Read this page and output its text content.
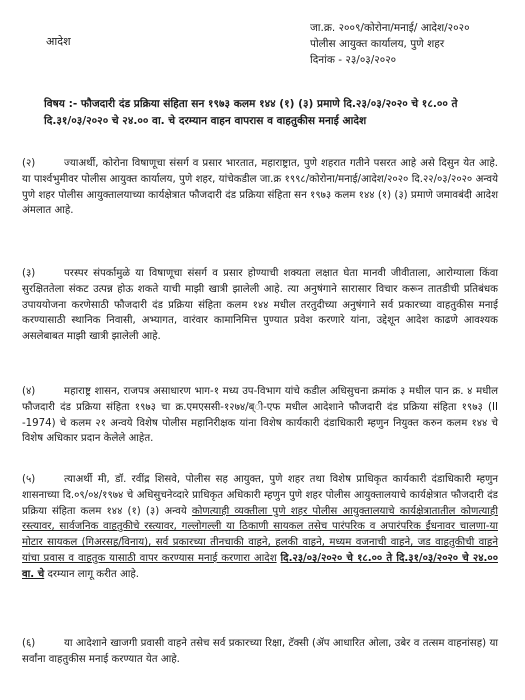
आदेश
जा.क्र. २००९/कोरोना/मनाई/ आदेश/२०२०
पोलीस आयुक्त कार्यालय, पुणे शहर
दिनांक - २३/०३/२०२०
विषय :- फौजदारी दंड प्रक्रिया संहिता सन १९७३ कलम १४४ (१) (३) प्रमाणे दि.२३/०३/२०२० चे १८.०० ते दि.३१/०३/२०२० चे २४.०० वा. चे दरम्यान वाहन वापरास व वाहतुकीस मनाई आदेश
(२)	ज्याअर्थी, कोरोना विषाणूचा संसर्ग व प्रसार भारतात, महाराष्ट्रात, पुणे शहरात गतीने पसरत आहे असे दिसुन येत आहे. या पार्श्वभुमीवर पोलीस आयुक्त कार्यालय, पुणे शहर, यांचेकडील जा.क्र १९९८/कोरोना/मनाई/आदेश/२०२० दि.२२/०३/२०२० अन्वये पुणे शहर पोलीस आयुक्तालयाच्या कार्यक्षेत्रात फौजदारी दंड प्रक्रिया संहिता सन १९७३ कलम १४४ (१) (३) प्रमाणे जमावबंदी आदेश अंमलात आहे.
(३)	परस्पर संपर्कामुळे या विषाणूचा संसर्ग व प्रसार होण्याची शक्यता लक्षात घेता मानवी जीवीताला, आरोग्याला किंवा सुरक्षिततेला संकट उत्पन्न होऊ शकते याची माझी खात्री झालेली आहे. त्या अनुषंगाने सारासार विचार करून तातडीची प्रतिबंधक उपाययोजना करणेसाठी फौजदारी दंड प्रक्रिया संहिता कलम १४४ मधील तरतुदीच्या अनुषंगाने सर्व प्रकारच्या वाहतुकीस मनाई करण्यासाठी स्थानिक निवासी, अभ्यागत, वारंवार कामानिमित्त पुण्यात प्रवेश करणारे यांना, उद्देशून आदेश काढणे आवश्यक असलेबाबत माझी खात्री झालेली आहे.
(४)	महाराष्ट्र शासन, राजपत्र असाधारण भाग-१ मध्य उप-विभाग यांचे कडील अधिसुचना क्रमांक ३ मधील पान क्र. ४ मधील फौजदारी दंड प्रक्रिया संहिता १९७३ चा क्र.एमएससी-१२७४/ब्ी-एफ मधील आदेशाने फौजदारी दंड प्रक्रिया संहिता १९७३ (II -1974) चे कलम २१ अन्वये विशेष पोलीस महानिरीक्षक यांना विशेष कार्यकारी दंडाधिकारी म्हणुन नियुक्त करुन कलम १४४ चे विशेष अधिकार प्रदान केलेले आहेत.
(५)	त्याअर्थी मी, डॉ. रवींद्र शिसवे, पोलीस सह आयुक्त, पुणे शहर तथा विशेष प्राधिकृत कार्यकारी दंडाधिकारी म्हणुन शासनाच्या दि.०९/०४/१९७४ चे अधिसुचनेव्दारे प्राधिकृत अधिकारी म्हणुन पुणे शहर पोलीस आयुक्तालयाचे कार्यक्षेत्रात फौजदारी दंड प्रक्रिया संहिता कलम १४४ (१) (३) अन्वये कोणत्याही व्यक्तीला पुणे शहर पोलीस आयुक्तालयाचे कार्यक्षेत्रातातील कोणत्याही रस्त्यावर, सार्वजनिक वाहतुकीचे रस्त्यावर, गल्लोगल्ली या ठिकाणी सायकल तसेच पारंपरिक व अपारंपरिक ईंधनावर चालणा-या मोटार सायकल (गिअरसह/विनाय), सर्व प्रकारच्या तीनचाकी वाहने, हलकी वाहने, मध्यम वजनाची वाहने, जड वाहतुकीची वाहने यांचा प्रवास व वाहतुक यासाठी वापर करण्यास मनाई करणारा आदेश दि.२३/०३/२०२० चे १८.०० ते दि.३१/०३/२०२० चे २४.०० वा. चे दरम्यान लागू करीत आहे.
(६)	या आदेशाने खाजगी प्रवासी वाहने तसेच सर्व प्रकारच्या रिक्षा, टॅक्सी (ॲप आधारित ओला, उबेर व तत्सम वाहनांसह) या सर्वांना वाहतुकीस मनाई करण्यात येत आहे.
